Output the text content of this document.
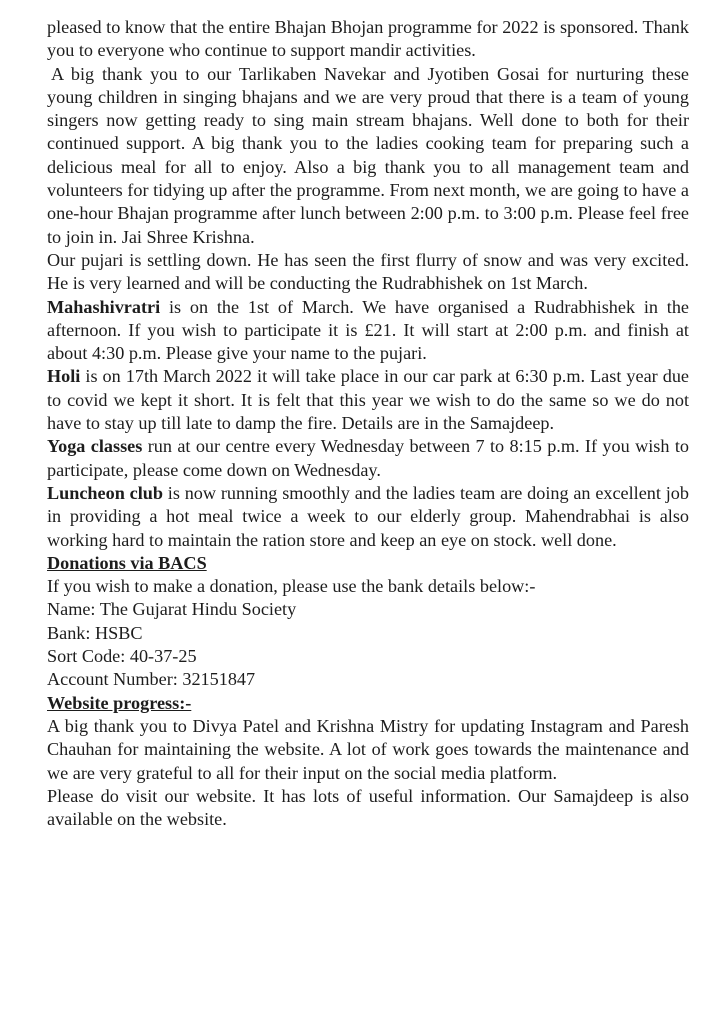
pleased to know that the entire Bhajan Bhojan programme for 2022 is sponsored. Thank you to everyone who continue to support mandir activities.

A big thank you to our Tarlikaben Navekar and Jyotiben Gosai for nurturing these young children in singing bhajans and we are very proud that there is a team of young singers now getting ready to sing main stream bhajans. Well done to both for their continued support. A big thank you to the ladies cooking team for preparing such a delicious meal for all to enjoy. Also a big thank you to all management team and volunteers for tidying up after the programme. From next month, we are going to have a one-hour Bhajan programme after lunch between 2:00 p.m. to 3:00 p.m. Please feel free to join in. Jai Shree Krishna.

Our pujari is settling down. He has seen the first flurry of snow and was very excited. He is very learned and will be conducting the Rudrabhishek on 1st March.

Mahashivratri is on the 1st of March. We have organised a Rudrabhishek in the afternoon. If you wish to participate it is £21. It will start at 2:00 p.m. and finish at about 4:30 p.m. Please give your name to the pujari.

Holi is on 17th March 2022 it will take place in our car park at 6:30 p.m. Last year due to covid we kept it short. It is felt that this year we wish to do the same so we do not have to stay up till late to damp the fire. Details are in the Samajdeep.

Yoga classes run at our centre every Wednesday between 7 to 8:15 p.m. If you wish to participate, please come down on Wednesday.

Luncheon club is now running smoothly and the ladies team are doing an excellent job in providing a hot meal twice a week to our elderly group. Mahendrabhai is also working hard to maintain the ration store and keep an eye on stock. well done.

Donations via BACS

If you wish to make a donation, please use the bank details below:-

Name: The Gujarat Hindu Society

Bank: HSBC

Sort Code: 40-37-25

Account Number: 32151847

Website progress:-

A big thank you to Divya Patel and Krishna Mistry for updating Instagram and Paresh Chauhan for maintaining the website. A lot of work goes towards the maintenance and we are very grateful to all for their input on the social media platform.

Please do visit our website. It has lots of useful information. Our Samajdeep is also available on the website.
